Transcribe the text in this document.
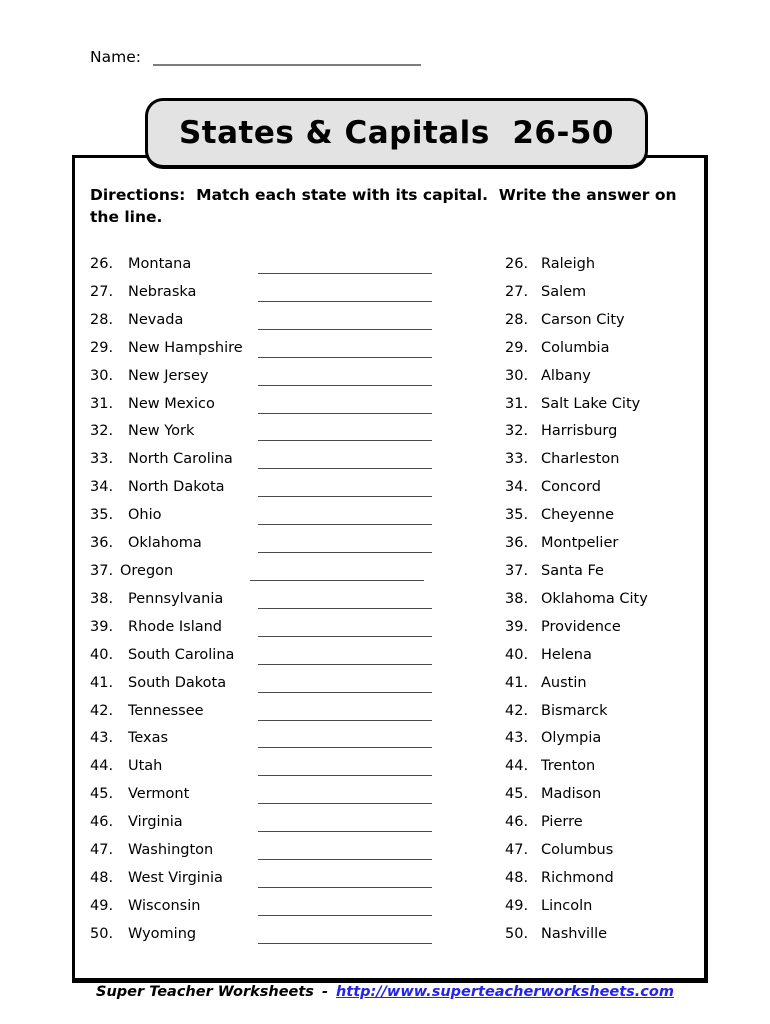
Name:
States & Capitals  26-50

Directions:  Match each state with its capital.  Write the answer on
the line.

26.	Montana
27.	Nebraska
28.	Nevada
29.	New Hampshire
30.	New Jersey
31.	New Mexico
32.	New York
33.	North Carolina
34.	North Dakota
35.	Ohio
36.	Oklahoma
37. Oregon
38.	Pennsylvania
39.	Rhode Island
40.	South Carolina
41.	South Dakota
42.	Tennessee
43.	Texas
44.	Utah
45.	Vermont
46.	Virginia
47.	Washington
48.	West Virginia
49.	Wisconsin
50.	Wyoming
26. Raleigh
27. Salem
28. Carson City
29. Columbia
30. Albany
31. Salt Lake City
32. Harrisburg
33. Charleston
34. Concord
35. Cheyenne
36. Montpelier
37. Santa Fe
38. Oklahoma City
39. Providence
40. Helena
41. Austin
42. Bismarck
43. Olympia
44. Trenton
45. Madison
46. Pierre
47. Columbus
48. Richmond
49. Lincoln
50. Nashville
Super Teacher Worksheets - http://www.superteacherworksheets.com
